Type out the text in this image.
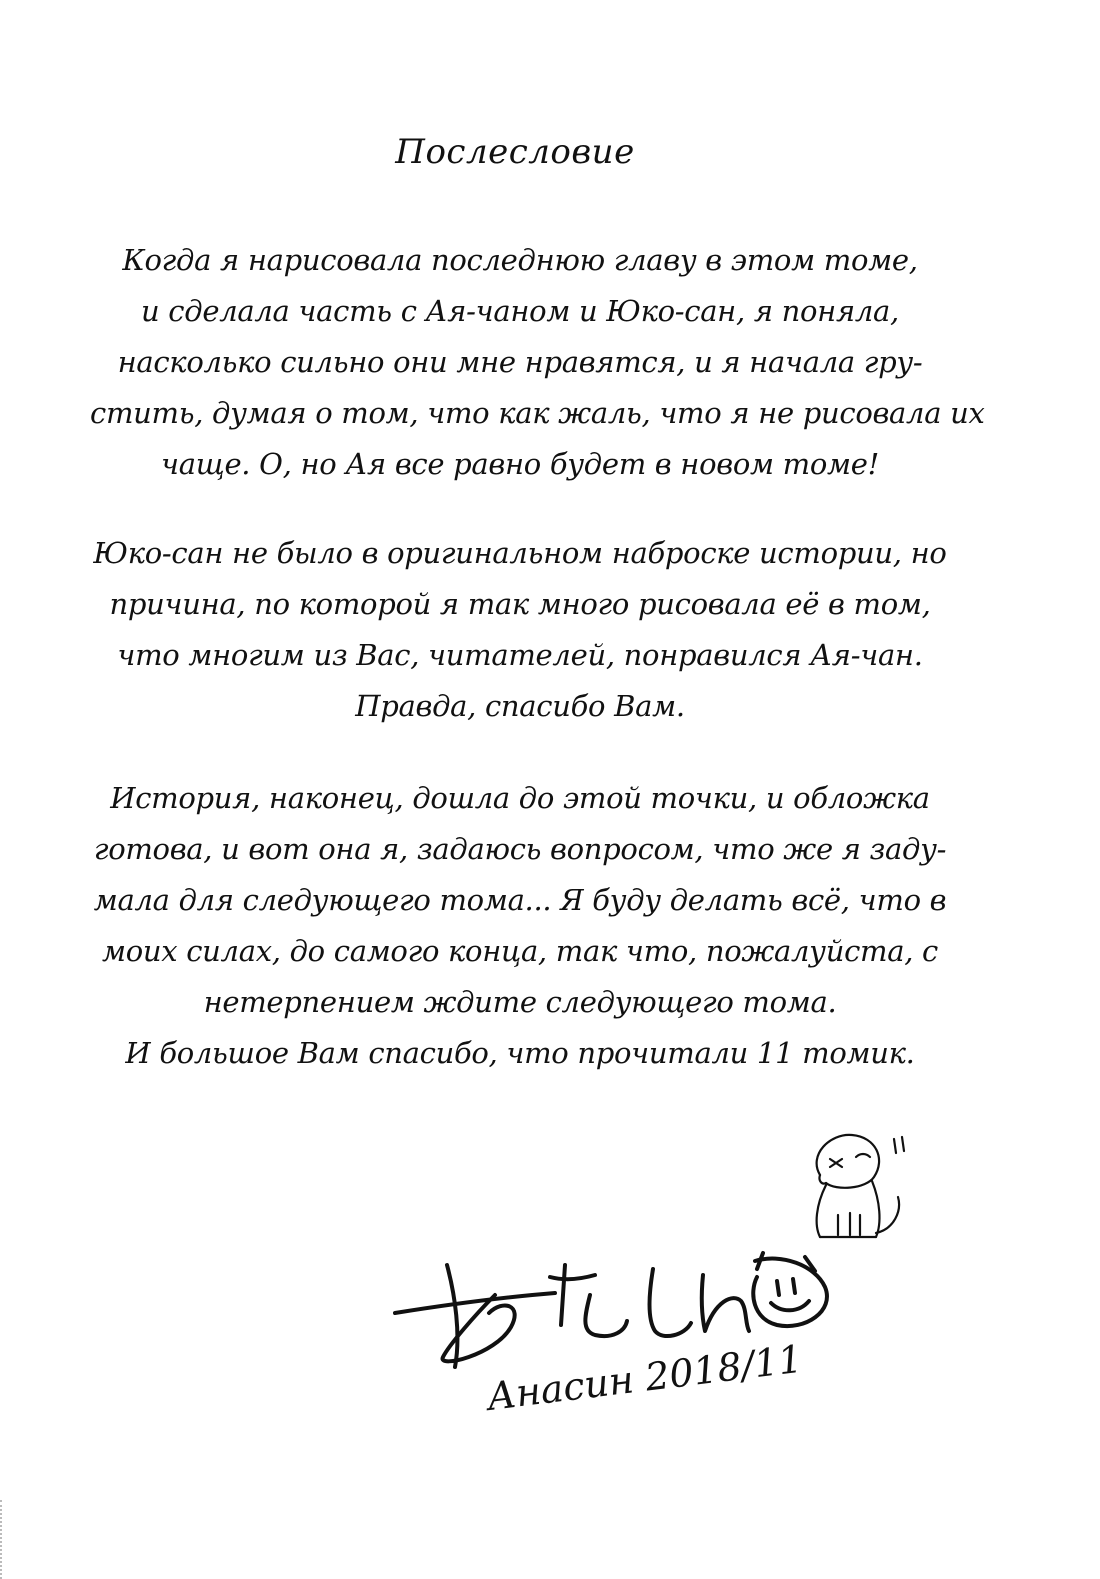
Послесловие
Когда я нарисовала последнюю главу в этом томе,
и сделала часть с Ая-чаном и Юко-сан, я поняла,
насколько сильно они мне нравятся, и я начала гру-
стить, думая о том, что как жаль, что я не рисовала их
чаще. О, но Ая все равно будет в новом томе!
Юко-сан не было в оригинальном наброске истории, но
причина, по которой я так много рисовала её в том,
что многим из Вас, читателей, понравился Ая-чан.
Правда, спасибо Вам.
История, наконец, дошла до этой точки, и обложка
готова, и вот она я, задаюсь вопросом, что же я заду-
мала для следующего тома... Я буду делать всё, что в
моих силах, до самого конца, так что, пожалуйста, с
нетерпением ждите следующего тома.
И большое Вам спасибо, что прочитали 11 томик.
Анасин 2018/11
